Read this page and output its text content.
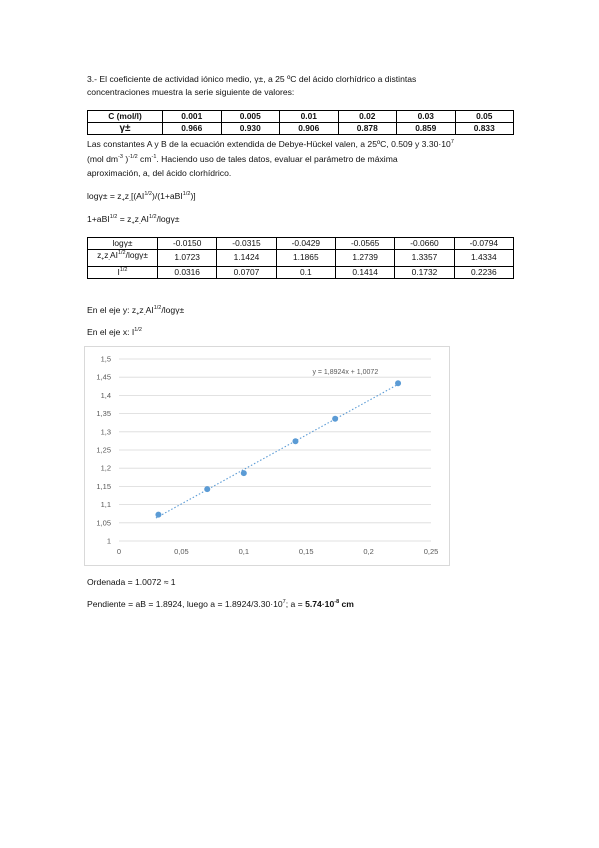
3.- El coeficiente de actividad iónico medio, γ±, a 25 ºC del ácido clorhídrico a distintas
concentraciones muestra la serie siguiente de valores:
C (mol/l)	0.001	0.005	0.01	0.02	0.03	0.05
γ±	0.966	0.930	0.906	0.878	0.859	0.833
Las constantes A y B de la ecuación extendida de Debye-Hückel valen, a 25ºC, 0.509 y $3.30\cdot 10^7$
(mol $dm^{-3}$ )$^{-1/2}$ $cm^{-1}$. Haciendo uso de tales datos, evaluar el parámetro de máxima
aproximación, a, del ácido clorhídrico.
$\log\gamma\pm = z_+z_-[(AI^{1/2})/(1+aBI^{1/2})]$
$1+aBI^{1/2} = z_+z_-AI^{1/2}/\log\gamma\pm$
logγ±	-0.0150	-0.0315	-0.0429	-0.0565	-0.0660	-0.0794
$z_+z_-AI^{1/2}/\log\gamma\pm$	1.0723	1.1424	1.1865	1.2739	1.3357	1.4334
$I^{1/2}$	0.0316	0.0707	0.1	0.1414	0.1732	0.2236
En el eje y: $z_+z_-AI^{1/2}/\log\gamma\pm$
En el eje x: $I^{1/2}$
1
1,05
1,1
1,15
1,2
1,25
1,3
1,35
1,4
1,45
1,5
0	0,05	0,1	0,15	0,2	0,25
y = 1,8924x + 1,0072
Ordenada = 1.0072 ≈ 1
Pendiente = aB = 1.8924, luego $a = 1.8924/3.30\cdot 10^7$; $a = 5.74\cdot 10^{-8}$ cm
